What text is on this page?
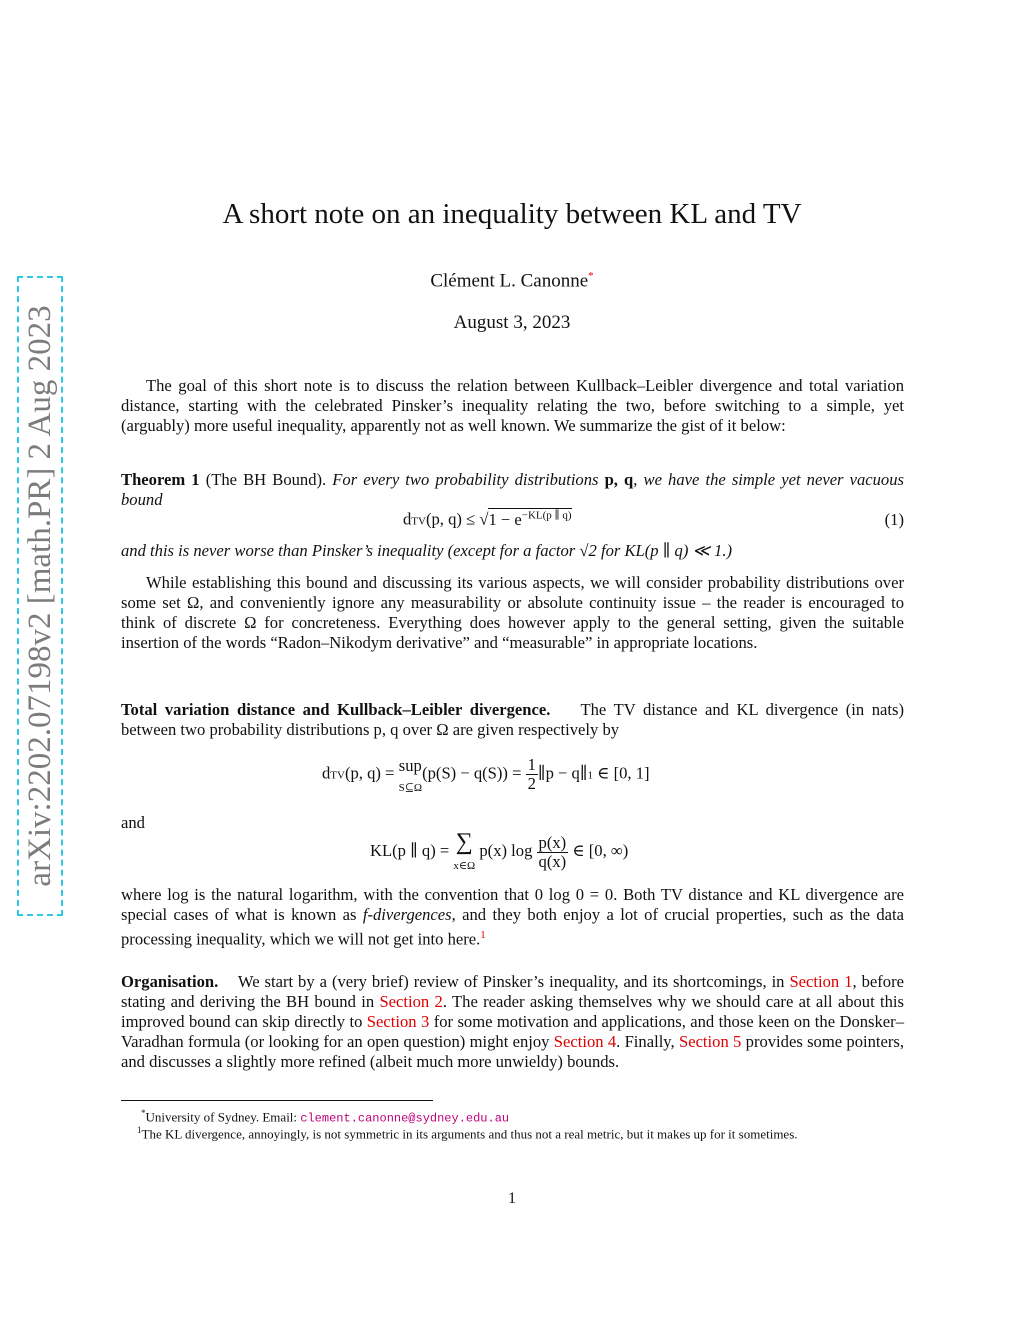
arXiv:2202.07198v2 [math.PR] 2 Aug 2023
A short note on an inequality between KL and TV
Clément L. Canonne*
August 3, 2023
The goal of this short note is to discuss the relation between Kullback–Leibler divergence and total variation distance, starting with the celebrated Pinsker’s inequality relating the two, before switching to a simple, yet (arguably) more useful inequality, apparently not as well known. We summarize the gist of it below:
Theorem 1 (The BH Bound). For every two probability distributions p, q, we have the simple yet never vacuous bound
dTV(p, $q) \le √1 - e^{-KL(p \parallel q)}$	(1)
and this is never worse than Pinsker’s inequality (except for a factor √2 for KL(p ∥ q) ≪ 1.)
While establishing this bound and discussing its various aspects, we will consider probability distributions over some set Ω, and conveniently ignore any measurability or absolute continuity issue – the reader is encouraged to think of discrete Ω for concreteness. Everything does however apply to the general setting, given the suitable insertion of the words “Radon–Nikodym derivative” and “measurable” in appropriate locations.
Total variation distance and Kullback–Leibler divergence. The TV distance and KL divergence (in nats) between two probability distributions p, q over Ω are given respectively by
dTV(p, q) = sup
S⊆Ω(p(S) − $q(S)) = \frac{1}{2}$ ∥p − q∥1 ∈ [0, 1]
and
KL(p ∥ q) = ∑
x∈Ω p(x) $\log \frac{p(x)}{q(x)}$ ∈ [0, ∞)
where log is the natural logarithm, with the convention that 0 log 0 = 0. Both TV distance and KL divergence are special cases of what is known as f-divergences, and they both enjoy a lot of crucial properties, such as the data processing inequality, which we will not get into here.$^1$
Organisation. We start by a (very brief) review of Pinsker’s inequality, and its shortcomings, in Section 1, before stating and deriving the BH bound in Section 2. The reader asking themselves why we should care at all about this improved bound can skip directly to Section 3 for some motivation and applications, and those keen on the Donsker–Varadhan formula (or looking for an open question) might enjoy Section 4. Finally, Section 5 provides some pointers, and discusses a slightly more refined (albeit much more unwieldy) bounds.
*University of Sydney. Email: clement.canonne@sydney.edu.au
$^1$The KL divergence, annoyingly, is not symmetric in its arguments and thus not a real metric, but it makes up for it sometimes.
1
